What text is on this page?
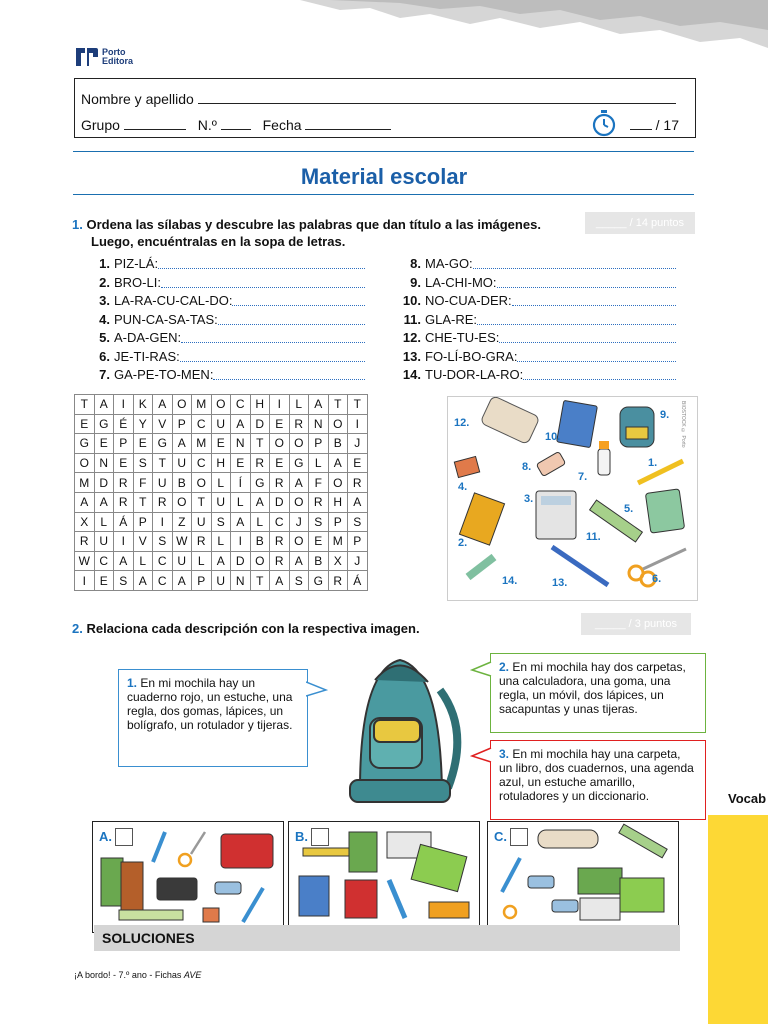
Porto
Editora
Nombre y apellido
Grupo	N.º	Fecha	/ 17
Material escolar
1. Ordena las sílabas y descubre las palabras que dan título a las imágenes.
Luego, encuéntralas en la sopa de letras.
_____ / 14 puntos
1. PIZ-LÁ:
2. BRO-LI:
3. LA-RA-CU-CAL-DO:
4. PUN-CA-SA-TAS:
5. A-DA-GEN:
6. JE-TI-RAS:
7. GA-PE-TO-MEN:
8. MA-GO:
9. LA-CHI-MO:
10. NO-CUA-DER:
11. GLA-RE:
12. CHE-TU-ES:
13. FO-LÍ-BO-GRA:
14. TU-DOR-LA-RO:
T	A	I	K	A	O	M	O	C	H	I	L	A	T	T
E	G	É	Y	V	P	C	U	A	D	E	R	N	O	I
G	E	P	E	G	A	M	E	N	T	O	O	P	B	J
O	N	E	S	T	U	C	H	E	R	E	G	L	A	E
M	D	R	F	U	B	O	L	Í	G	R	A	F	O	R
A	A	R	T	R	O	T	U	L	A	D	O	R	H	A
X	L	Á	P	I	Z	U	S	A	L	C	J	S	P	S
R	U	I	V	S	W	R	L	I	B	R	O	E	M	P
W	C	A	L	C	U	L	A	D	O	R	A	B	X	J
I	E	S	A	C	A	P	U	N	T	A	S	G	R	Á
12.
10.
9.
8.
7.
1.
4.
3.
5.
11.
2.
14.	13.	6.
BIOSTOCK © Porto
2. Relaciona cada descripción con la respectiva imagen.	_____ / 3 puntos
1. En mi mochila hay un cuaderno rojo, un estuche, una regla, dos gomas, lápices, un bolígrafo, un rotulador y tijeras.
2. En mi mochila hay dos carpetas, una calculadora, una goma, una regla, un móvil, dos lápices, un sacapuntas y unas tijeras.
3. En mi mochila hay una carpeta, un libro, dos cuadernos, una agenda azul, un estuche amarillo, rotuladores y un diccionario.
A.	B.	C.
SOLUCIONES
¡A bordo! - 7.º ano - Fichas AVE
Vocab
